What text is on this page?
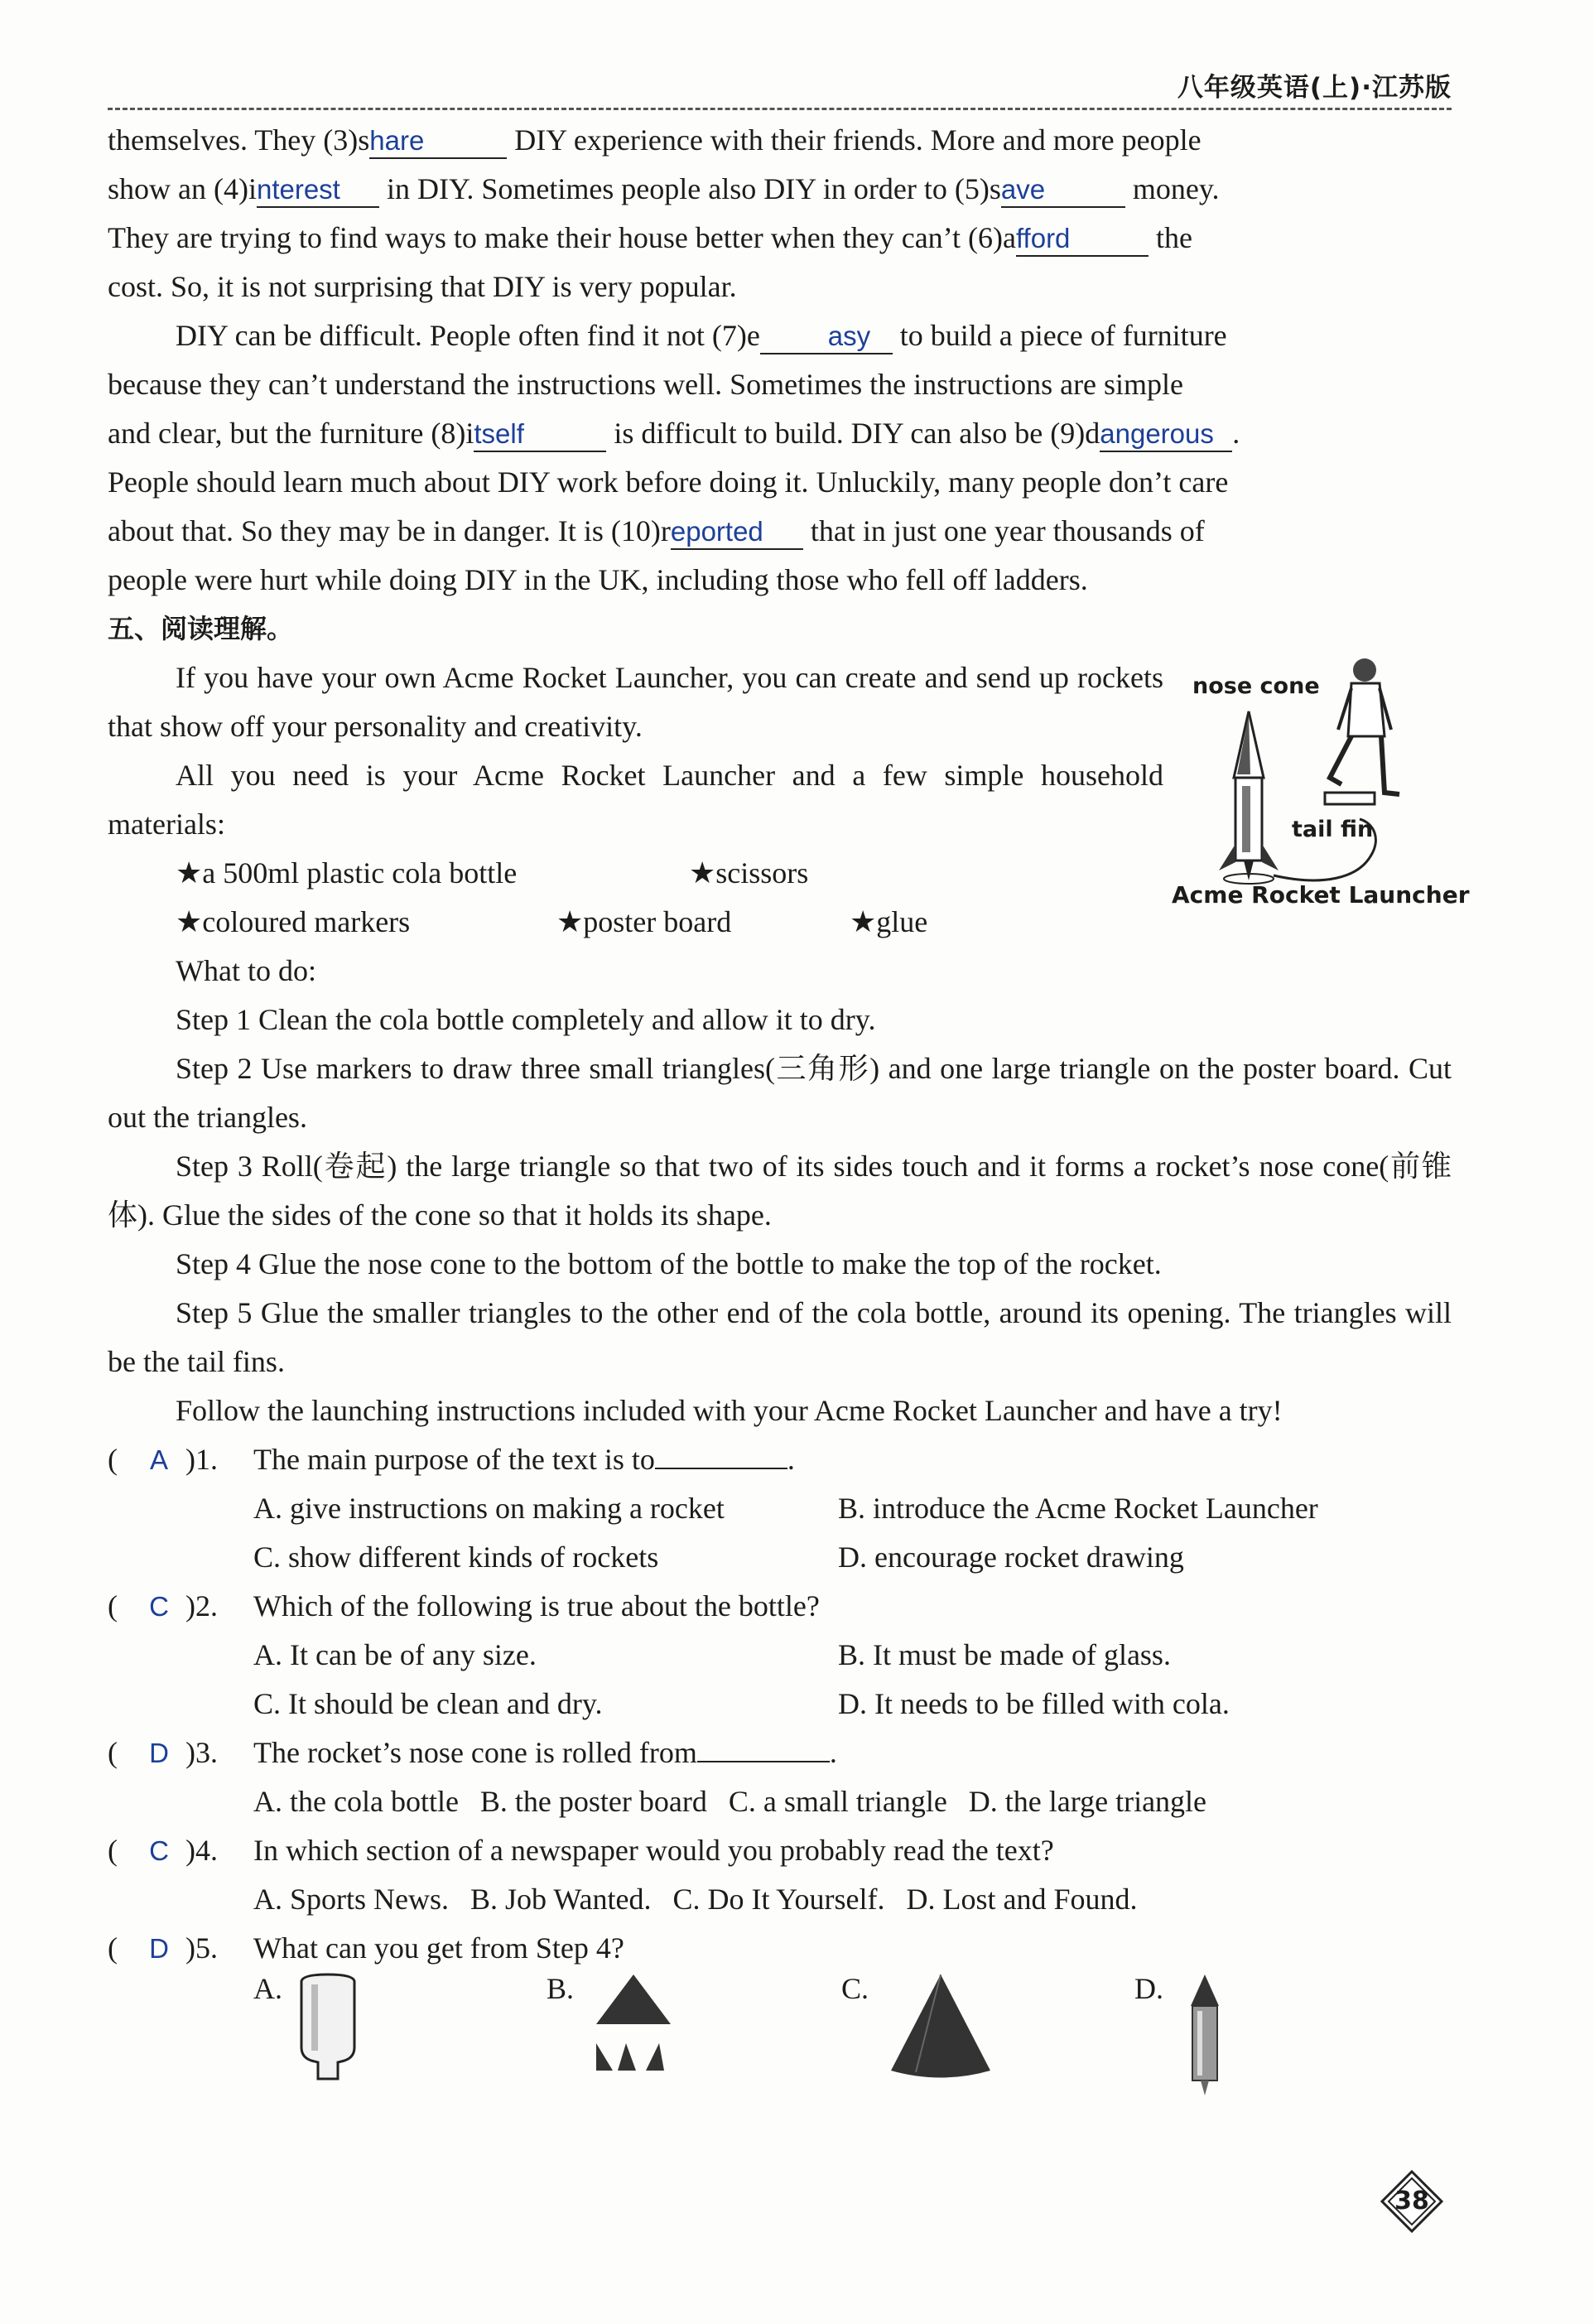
八年级英语(上)·江苏版

themselves. They (3)share	DIY experience with their friends. More and more people

show an (4)interest in DIY. Sometimes people also DIY in order to (5)save	money.

They are trying to find ways to make their house better when they can’t (6)afford	the

cost. So, it is not surprising that DIY is very popular.

DIY can be difficult. People often find it not (7)e asy to build a piece of furniture

because they can’t understand the instructions well. Sometimes the instructions are simple

and clear, but the furniture (8)itself	is difficult to build. DIY can also be (9)dangerous .

People should learn much about DIY work before doing it. Unluckily, many people don’t care

about that. So they may be in danger. It is (10)reported that in just one year thousands of

people were hurt while doing DIY in the UK, including those who fell off ladders.

五、阅读理解。

If you have your own Acme Rocket Launcher, you can create and send up rockets that show off your personality and creativity.

All you need is your Acme Rocket Launcher and a few simple household materials:

★a 500ml plastic cola bottle	★scissors
★coloured markers	★poster board	★glue
nose cone
tail fin
Acme Rocket Launcher

What to do:

Step 1 Clean the cola bottle completely and allow it to dry.

Step 2 Use markers to draw three small triangles(三角形) and one large triangle on the poster board. Cut out the triangles.

Step 3 Roll(卷起) the large triangle so that two of its sides touch and it forms a rocket’s nose cone(前锥体). Glue the sides of the cone so that it holds its shape.

Step 4 Glue the nose cone to the bottom of the bottle to make the top of the rocket.

Step 5 Glue the smaller triangles to the other end of the cola bottle, around its opening. The triangles will be the tail fins.

Follow the launching instructions included with your Acme Rocket Launcher and have a try!

(	A )1. The main purpose of the text is to	.
A. give instructions on making a rocket	B. introduce the Acme Rocket Launcher
C. show different kinds of rockets	D. encourage rocket drawing
(	C )2. Which of the following is true about the bottle?
A. It can be of any size.	B. It must be made of glass.
C. It should be clean and dry.	D. It needs to be filled with cola.
(	D )3. The rocket’s nose cone is rolled from	.
A. the cola bottle B. the poster board C. a small triangle D. the large triangle
(	C )4. In which section of a newspaper would you probably read the text?
A. Sports News. B. Job Wanted. C. Do It Yourself. D. Lost and Found.
(	D )5. What can you get from Step 4?
A.	B.	C.	D.
38
